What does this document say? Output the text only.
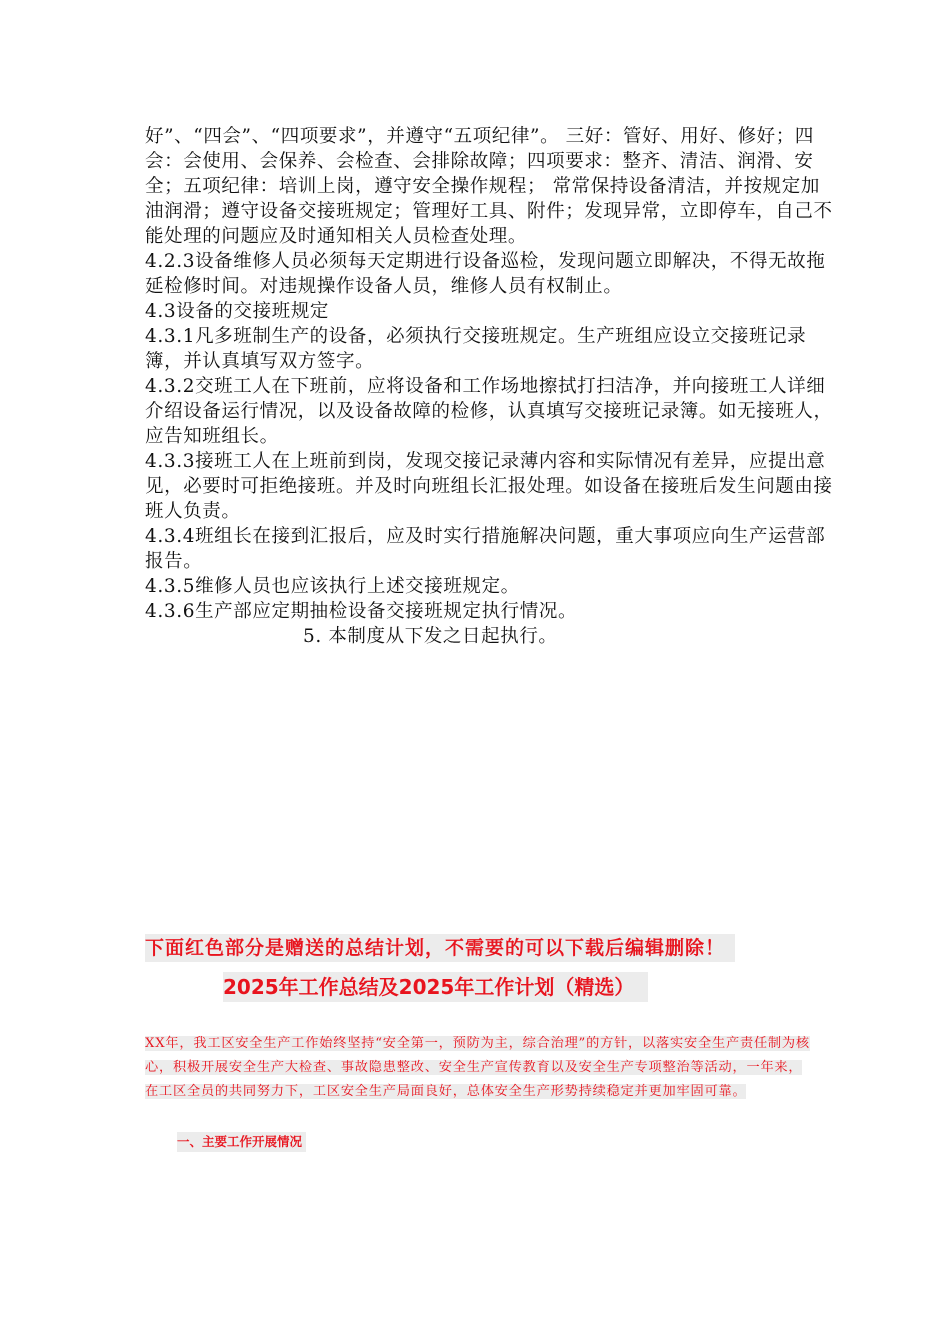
好”、“四会”、“四项要求”，并遵守“五项纪律”。 三好：管好、用好、修好；四会：会使用、会保养、会检查、会排除故障；四项要求：整齐、清洁、润滑、安全；五项纪律：培训上岗，遵守安全操作规程； 常常保持设备清洁，并按规定加油润滑；遵守设备交接班规定；管理好工具、附件；发现异常，立即停车，自己不能处理的问题应及时通知相关人员检查处理。

4.2.3设备维修人员必须每天定期进行设备巡检，发现问题立即解决，不得无故拖延检修时间。对违规操作设备人员，维修人员有权制止。

4.3设备的交接班规定

4.3.1凡多班制生产的设备，必须执行交接班规定。生产班组应设立交接班记录簿，并认真填写双方签字。

4.3.2交班工人在下班前，应将设备和工作场地擦拭打扫洁净，并向接班工人详细介绍设备运行情况，以及设备故障的检修，认真填写交接班记录簿。如无接班人，应告知班组长。

4.3.3接班工人在上班前到岗，发现交接记录薄内容和实际情况有差异，应提出意见，必要时可拒绝接班。并及时向班组长汇报处理。如设备在接班后发生问题由接班人负责。

4.3.4班组长在接到汇报后，应及时实行措施解决问题，重大事项应向生产运营部报告。

4.3.5维修人员也应该执行上述交接班规定。

4.3.6生产部应定期抽检设备交接班规定执行情况。

5. 本制度从下发之日起执行。

下面红色部分是赠送的总结计划，不需要的可以下载后编辑删除！
2025年工作总结及2025年工作计划（精选）
XX年，我工区安全生产工作始终坚持“安全第一，预防为主，综合治理”的方针，以落实安全生产责任制为核心，积极开展安全生产大检查、事故隐患整改、安全生产宣传教育以及安全生产专项整治等活动，一年来，在工区全员的共同努力下，工区安全生产局面良好，总体安全生产形势持续稳定并更加牢固可靠。
一、主要工作开展情况
